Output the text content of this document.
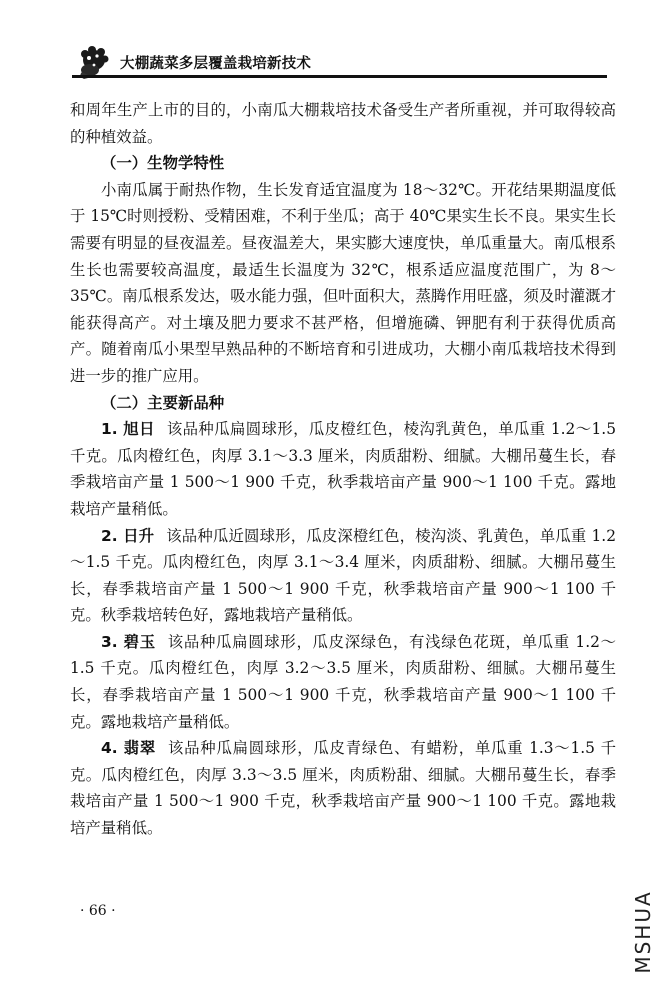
大棚蔬菜多层覆盖栽培新技术

和周年生产上市的目的，小南瓜大棚栽培技术备受生产者所重视，并可取得较高的种植效益。

（一）生物学特性

小南瓜属于耐热作物，生长发育适宜温度为 18～32℃。开花结果期温度低于 15℃时则授粉、受精困难，不利于坐瓜；高于 40℃果实生长不良。果实生长需要有明显的昼夜温差。昼夜温差大，果实膨大速度快，单瓜重量大。南瓜根系生长也需要较高温度，最适生长温度为 32℃，根系适应温度范围广，为 8～35℃。南瓜根系发达，吸水能力强，但叶面积大，蒸腾作用旺盛，须及时灌溉才能获得高产。对土壤及肥力要求不甚严格，但增施磷、钾肥有利于获得优质高产。随着南瓜小果型早熟品种的不断培育和引进成功，大棚小南瓜栽培技术得到进一步的推广应用。

（二）主要新品种

1. 旭日 该品种瓜扁圆球形，瓜皮橙红色，棱沟乳黄色，单瓜重 1.2～1.5 千克。瓜肉橙红色，肉厚 3.1～3.3 厘米，肉质甜粉、细腻。大棚吊蔓生长，春季栽培亩产量 1 500～1 900 千克，秋季栽培亩产量 900～1 100 千克。露地栽培产量稍低。

2. 日升 该品种瓜近圆球形，瓜皮深橙红色，棱沟淡、乳黄色，单瓜重 1.2～1.5 千克。瓜肉橙红色，肉厚 3.1～3.4 厘米，肉质甜粉、细腻。大棚吊蔓生长，春季栽培亩产量 1 500～1 900 千克，秋季栽培亩产量 900～1 100 千克。秋季栽培转色好，露地栽培产量稍低。

3. 碧玉 该品种瓜扁圆球形，瓜皮深绿色，有浅绿色花斑，单瓜重 1.2～1.5 千克。瓜肉橙红色，肉厚 3.2～3.5 厘米，肉质甜粉、细腻。大棚吊蔓生长，春季栽培亩产量 1 500～1 900 千克，秋季栽培亩产量 900～1 100 千克。露地栽培产量稍低。

4. 翡翠 该品种瓜扁圆球形，瓜皮青绿色、有蜡粉，单瓜重 1.3～1.5 千克。瓜肉橙红色，肉厚 3.3～3.5 厘米，肉质粉甜、细腻。大棚吊蔓生长，春季栽培亩产量 1 500～1 900 千克，秋季栽培亩产量 900～1 100 千克。露地栽培产量稍低。

· 66 ·	MSHUA
